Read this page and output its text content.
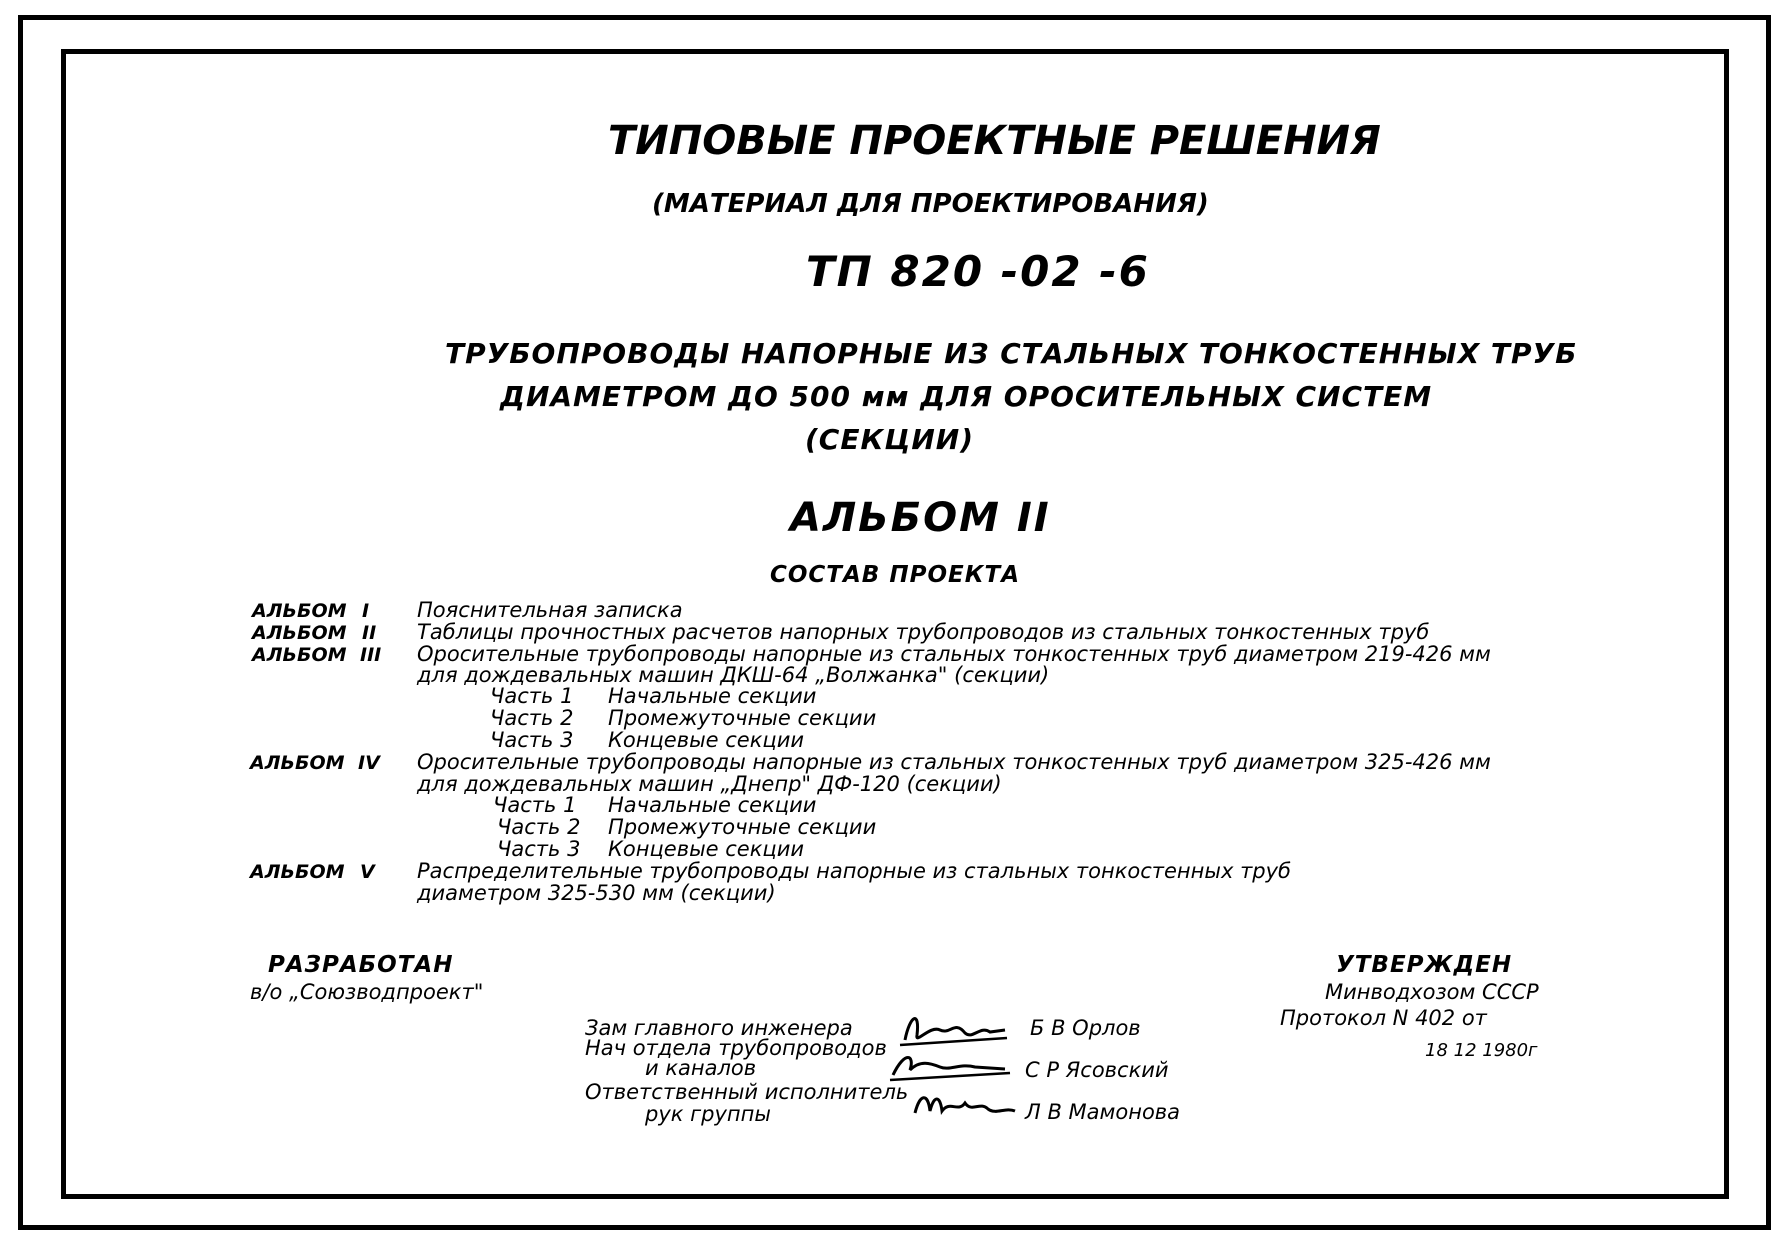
ТИПОВЫЕ ПРОЕКТНЫЕ РЕШЕНИЯ
(МАТЕРИАЛ ДЛЯ ПРОЕКТИРОВАНИЯ)
ТП 820 -02 -6
ТРУБОПРОВОДЫ НАПОРНЫЕ ИЗ СТАЛЬНЫХ ТОНКОСТЕННЫХ ТРУБ
ДИАМЕТРОМ ДО 500 мм ДЛЯ ОРОСИТЕЛЬНЫХ СИСТЕМ
(СЕКЦИИ)
АЛЬБОМ II
СОСТАВ ПРОЕКТА
АЛЬБОМ I Пояснительная записка
АЛЬБОМ II Таблицы прочностных расчетов напорных трубопроводов из стальных тонкостенных труб
АЛЬБОМ III Оросительные трубопроводы напорные из стальных тонкостенных труб диаметром 219-426 мм
для дождевальных машин ДКШ-64 „Волжанка" (секции)
Часть 1 Начальные секции
Часть 2 Промежуточные секции
Часть 3 Концевые секции
АЛЬБОМ IV Оросительные трубопроводы напорные из стальных тонкостенных труб диаметром 325-426 мм
для дождевальных машин „Днепр" ДФ-120 (секции)
Часть 1 Начальные секции
Часть 2 Промежуточные секции
Часть 3 Концевые секции
АЛЬБОМ V Распределительные трубопроводы напорные из стальных тонкостенных труб
диаметром 325-530 мм (секции)
РАЗРАБОТАН
в/о „Союзводпроект"
УТВЕРЖДЕН
Минводхозом СССР
Протокол N 402 от
18 12 1980г
Зам главного инженера	Б В Орлов
Нач отдела трубопроводов
и каналов	С Р Ясовский
Ответственный исполнитель
рук группы	Л В Мамонова
